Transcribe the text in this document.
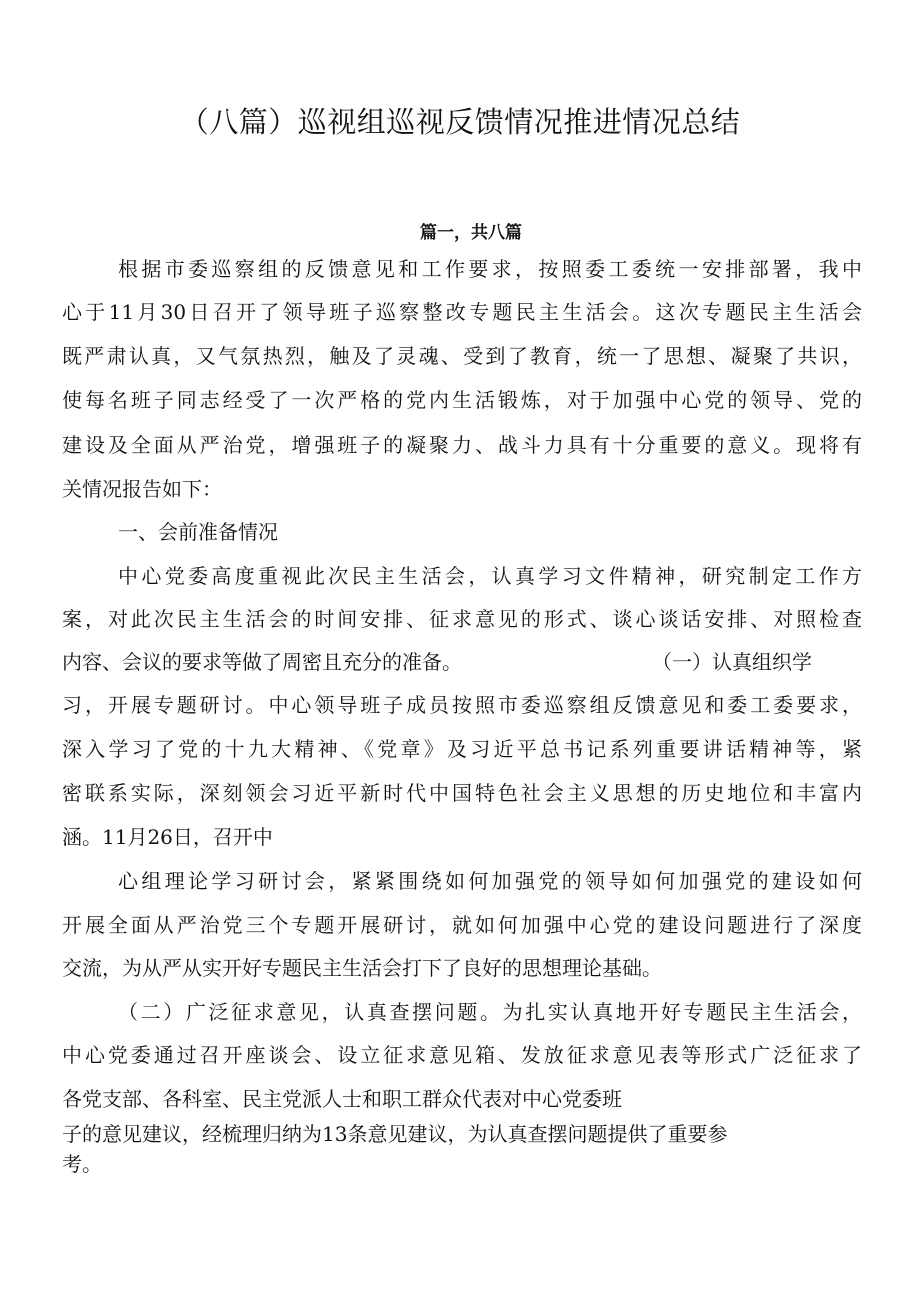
（八篇）巡视组巡视反馈情况推进情况总结
篇一，共八篇
根据市委巡察组的反馈意见和工作要求，按照委工委统一安排部署，我中
心于11月30日召开了领导班子巡察整改专题民主生活会。这次专题民主生活会
既严肃认真，又气氛热烈，触及了灵魂、受到了教育，统一了思想、凝聚了共识，
使每名班子同志经受了一次严格的党内生活锻炼，对于加强中心党的领导、党的
建设及全面从严治党，增强班子的凝聚力、战斗力具有十分重要的意义。现将有
关情况报告如下：
一、会前准备情况
中心党委高度重视此次民主生活会，认真学习文件精神，研究制定工作方
案，对此次民主生活会的时间安排、征求意见的形式、谈心谈话安排、对照检查
内容、会议的要求等做了周密且充分的准备。	（一）认真组织学
习，开展专题研讨。中心领导班子成员按照市委巡察组反馈意见和委工委要求，
深入学习了党的十九大精神、《党章》及习近平总书记系列重要讲话精神等，紧
密联系实际，深刻领会习近平新时代中国特色社会主义思想的历史地位和丰富内
涵。11月26日，召开中
心组理论学习研讨会，紧紧围绕如何加强党的领导如何加强党的建设如何
开展全面从严治党三个专题开展研讨，就如何加强中心党的建设问题进行了深度
交流，为从严从实开好专题民主生活会打下了良好的思想理论基础。
（二）广泛征求意见，认真查摆问题。为扎实认真地开好专题民主生活会，
中心党委通过召开座谈会、设立征求意见箱、发放征求意见表等形式广泛征求了
各党支部、各科室、民主党派人士和职工群众代表对中心党委班
子的意见建议，经梳理归纳为13条意见建议，为认真查摆问题提供了重要参
考。
